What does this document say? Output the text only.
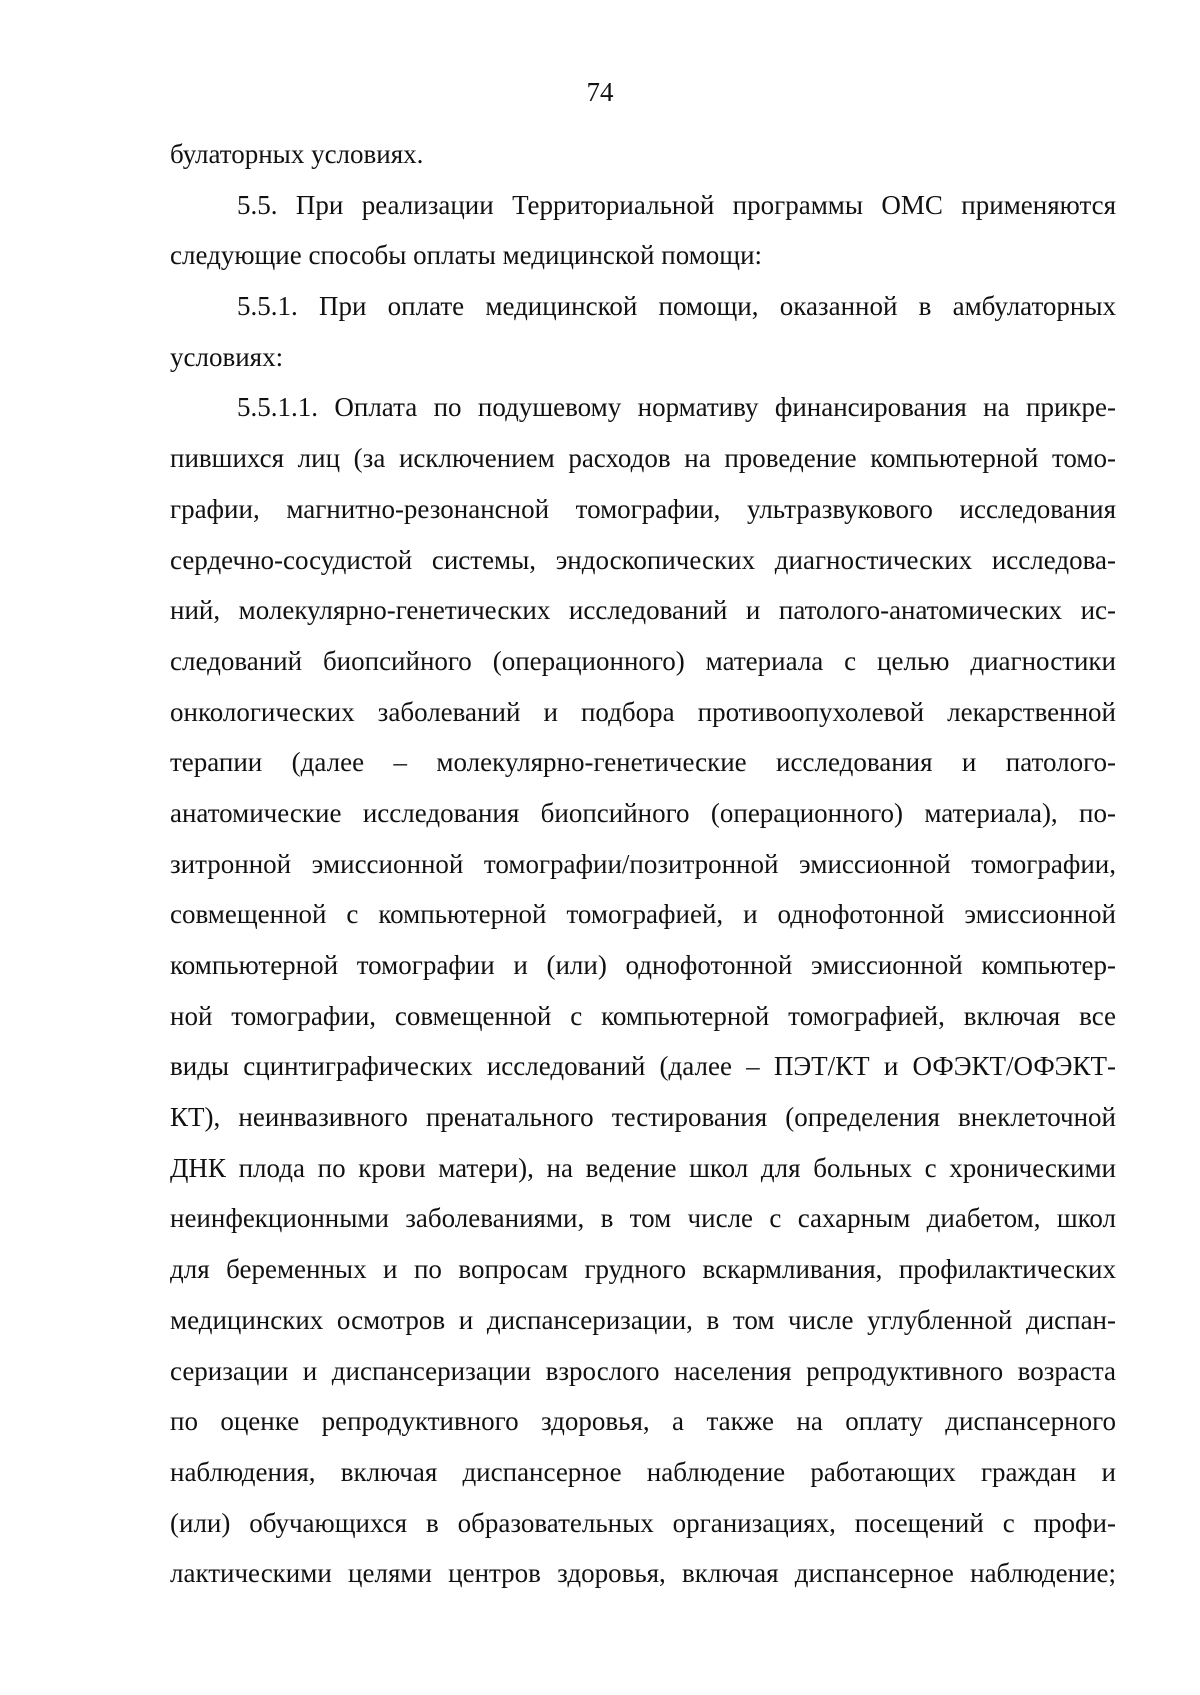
74
булаторных условиях.
5.5. При реализации Территориальной программы ОМС применяются
следующие способы оплаты медицинской помощи:
5.5.1. При оплате медицинской помощи, оказанной в амбулаторных
условиях:
5.5.1.1. Оплата по подушевому нормативу финансирования на прикре-
пившихся лиц (за исключением расходов на проведение компьютерной томо-
графии, магнитно-резонансной томографии, ультразвукового исследования
сердечно-сосудистой системы, эндоскопических диагностических исследова-
ний, молекулярно-генетических исследований и патолого-анатомических ис-
следований биопсийного (операционного) материала с целью диагностики
онкологических заболеваний и подбора противоопухолевой лекарственной
терапии (далее – молекулярно-генетические исследования и патолого-
анатомические исследования биопсийного (операционного) материала), по-
зитронной эмиссионной томографии/позитронной эмиссионной томографии,
совмещенной с компьютерной томографией, и однофотонной эмиссионной
компьютерной томографии и (или) однофотонной эмиссионной компьютер-
ной томографии, совмещенной с компьютерной томографией, включая все
виды сцинтиграфических исследований (далее – ПЭТ/КТ и ОФЭКТ/ОФЭКТ-
КТ), неинвазивного пренатального тестирования (определения внеклеточной
ДНК плода по крови матери), на ведение школ для больных с хроническими
неинфекционными заболеваниями, в том числе с сахарным диабетом, школ
для беременных и по вопросам грудного вскармливания, профилактических
медицинских осмотров и диспансеризации, в том числе углубленной диспан-
серизации и диспансеризации взрослого населения репродуктивного возраста
по оценке репродуктивного здоровья, а также на оплату диспансерного
наблюдения, включая диспансерное наблюдение работающих граждан и
(или) обучающихся в образовательных организациях, посещений с профи-
лактическими целями центров здоровья, включая диспансерное наблюдение;
